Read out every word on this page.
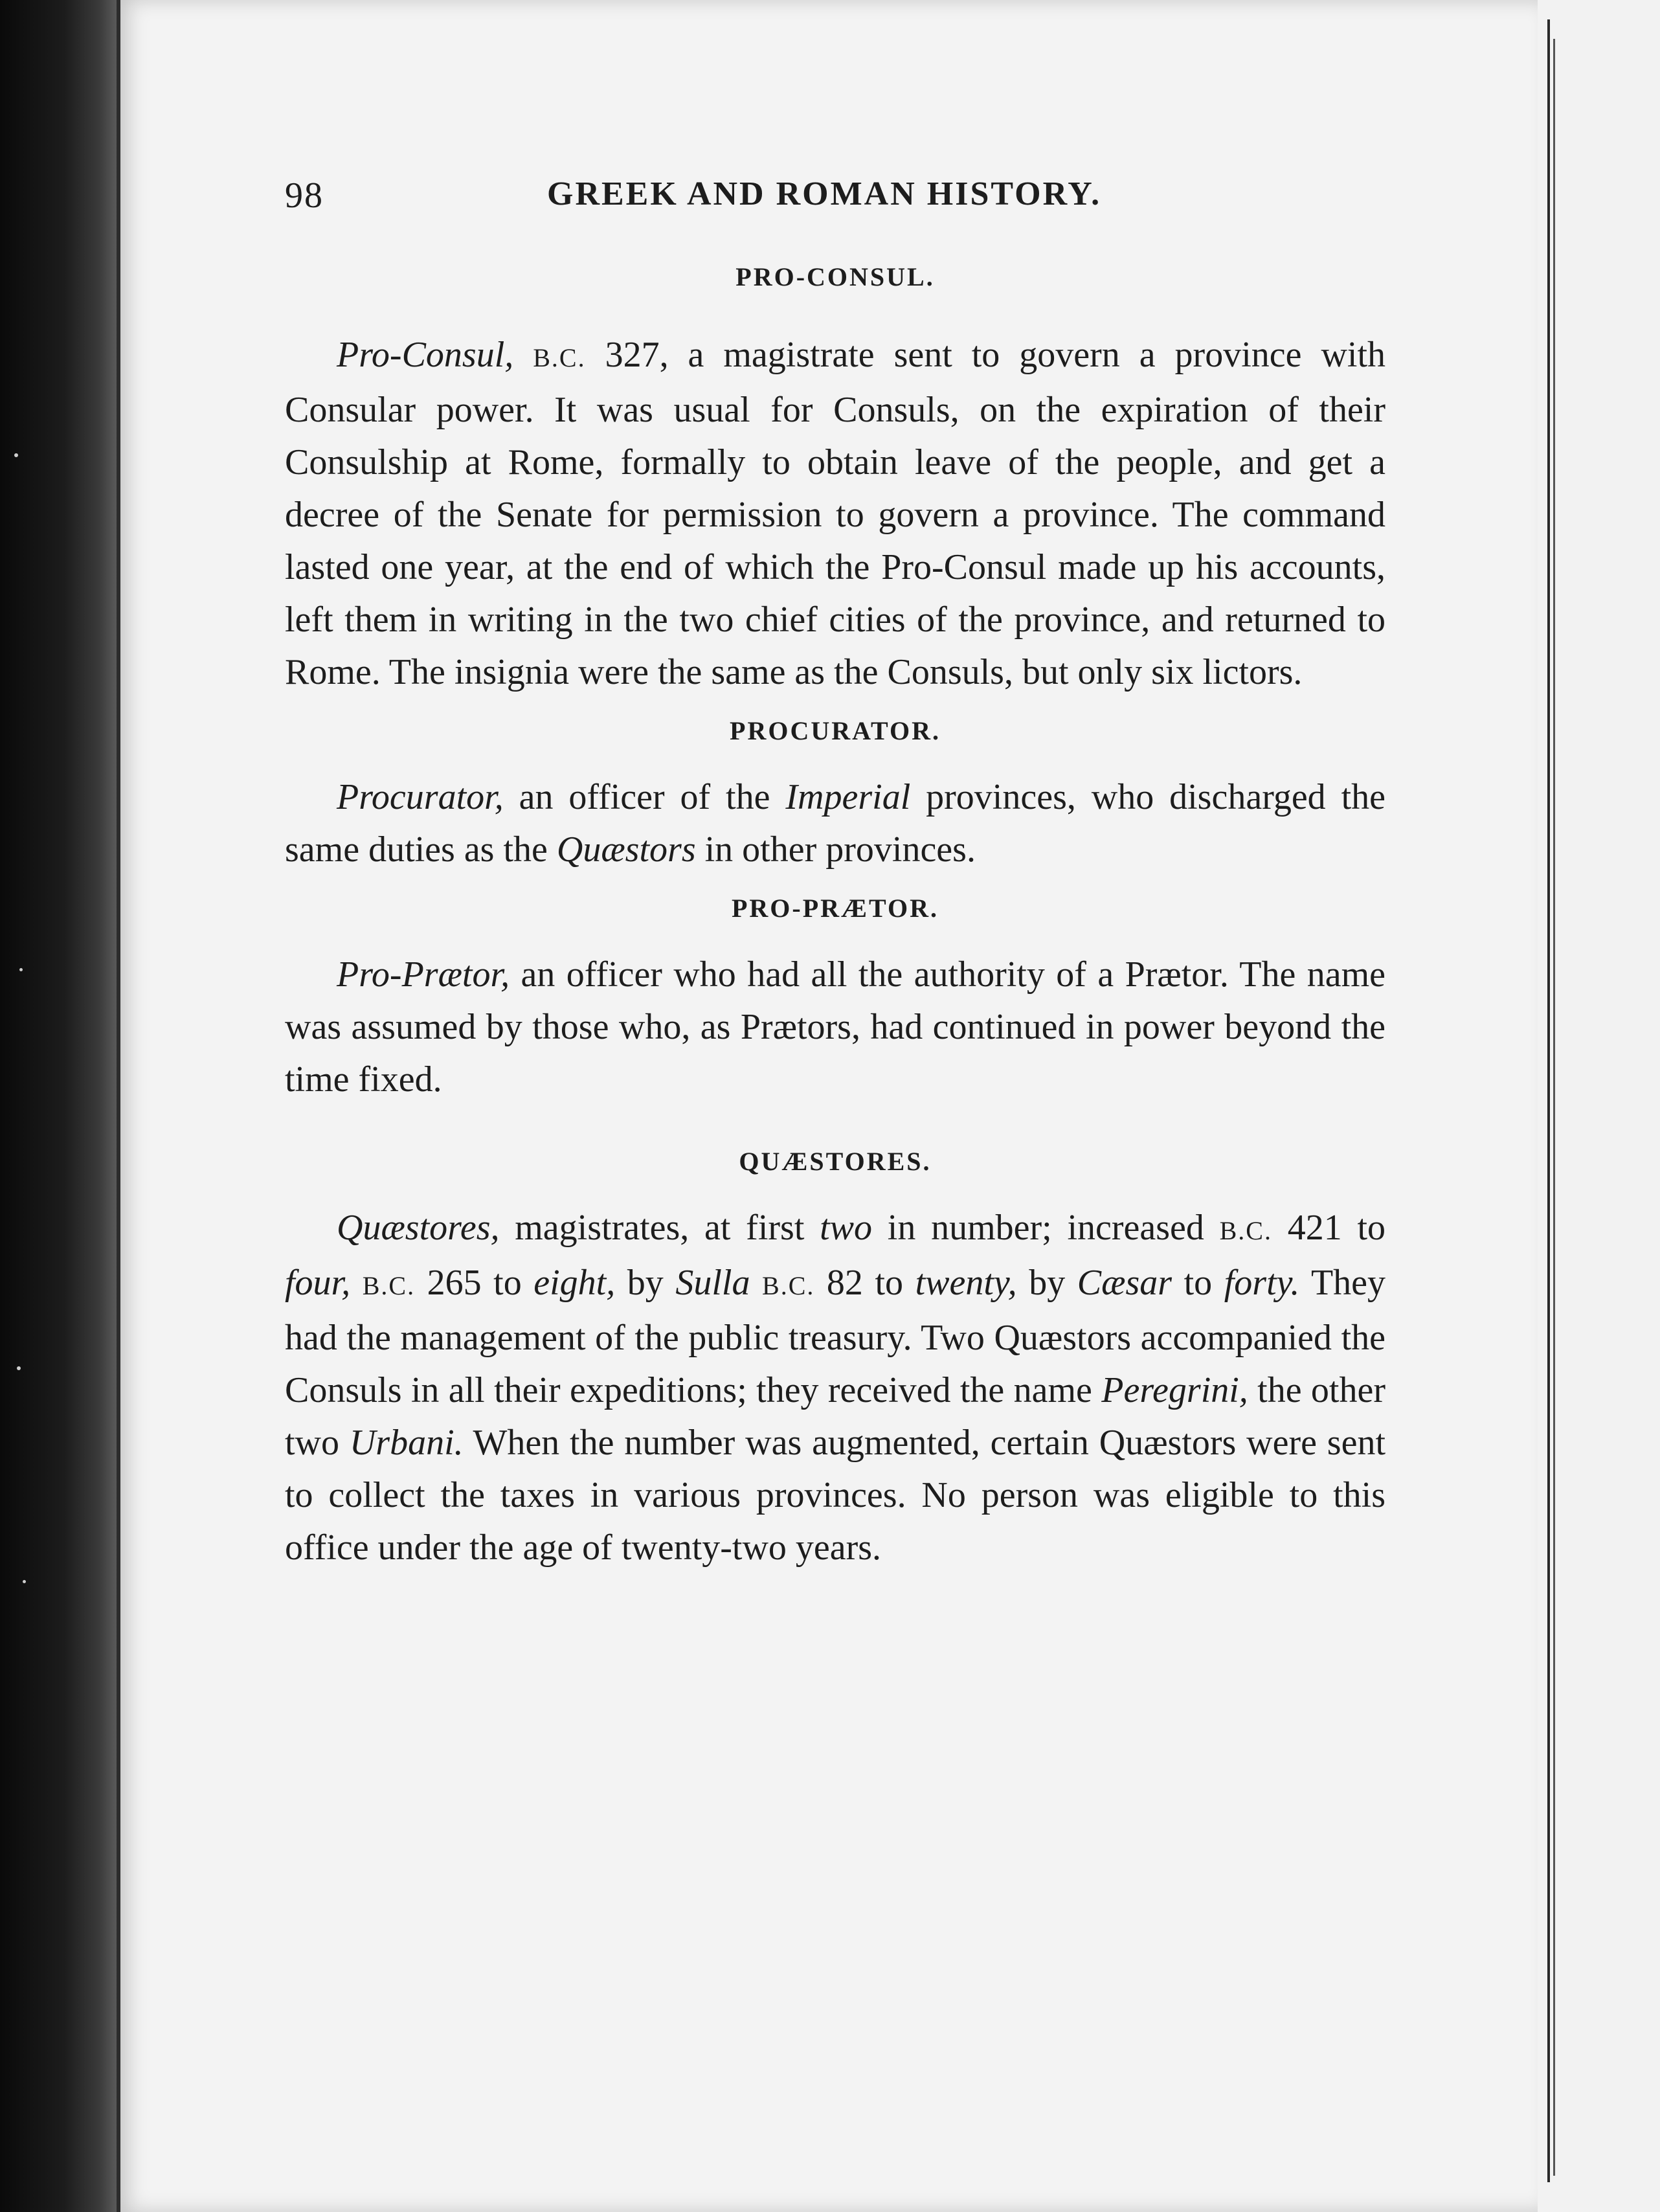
98	GREEK AND ROMAN HISTORY.
PRO-CONSUL.

Pro-Consul, B.C. 327, a magistrate sent to govern a province with Consular power. It was usual for Consuls, on the expiration of their Consulship at Rome, formally to obtain leave of the people, and get a decree of the Senate for permission to govern a province. The command lasted one year, at the end of which the Pro-Consul made up his accounts, left them in writing in the two chief cities of the province, and returned to Rome. The insignia were the same as the Consuls, but only six lictors.

PROCURATOR.

Procurator, an officer of the Imperial provinces, who discharged the same duties as the Quæstors in other provinces.

PRO-PRÆTOR.

Pro-Prætor, an officer who had all the authority of a Prætor. The name was assumed by those who, as Prætors, had continued in power beyond the time fixed.

QUÆSTORES.

Quæstores, magistrates, at first two in number; increased B.C. 421 to four, B.C. 265 to eight, by Sulla B.C. 82 to twenty, by Cæsar to forty. They had the management of the public treasury. Two Quæstors accompanied the Consuls in all their expeditions; they received the name Peregrini, the other two Urbani. When the number was augmented, certain Quæstors were sent to collect the taxes in various provinces. No person was eligible to this office under the age of twenty-two years.
